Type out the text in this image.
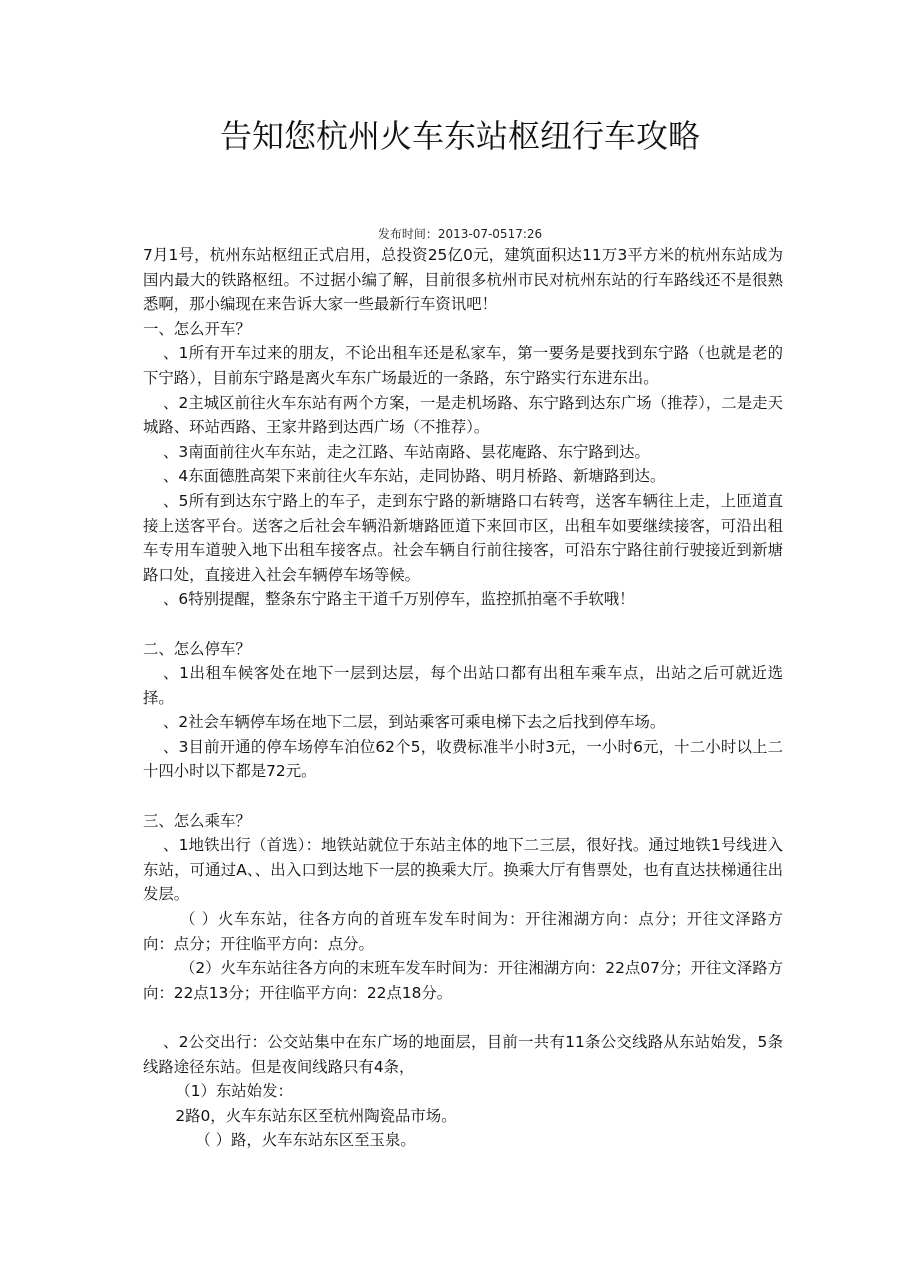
告知您杭州火车东站枢纽行车攻略
发布时间：2013-07-0517:26

7月1号，杭州东站枢纽正式启用，总投资25亿0元，建筑面积达11万3平方米的杭州东站成为国内最大的铁路枢纽。不过据小编了解，目前很多杭州市民对杭州东站的行车路线还不是很熟悉啊，那小编现在来告诉大家一些最新行车资讯吧！

一、怎么开车？

、1所有开车过来的朋友，不论出租车还是私家车，第一要务是要找到东宁路（也就是老的下宁路），目前东宁路是离火车东广场最近的一条路，东宁路实行东进东出。

、2主城区前往火车东站有两个方案，一是走机场路、东宁路到达东广场（推荐），二是走天城路、环站西路、王家井路到达西广场（不推荐）。

、3南面前往火车东站，走之江路、车站南路、昙花庵路、东宁路到达。

、4东面德胜高架下来前往火车东站，走同协路、明月桥路、新塘路到达。

、5所有到达东宁路上的车子，走到东宁路的新塘路口右转弯，送客车辆往上走，上匝道直接上送客平台。送客之后社会车辆沿新塘路匝道下来回市区，出租车如要继续接客，可沿出租车专用车道驶入地下出租车接客点。社会车辆自行前往接客，可沿东宁路往前行驶接近到新塘路口处，直接进入社会车辆停车场等候。

、6特别提醒，整条东宁路主干道千万别停车，监控抓拍毫不手软哦！

二、怎么停车？

、1出租车候客处在地下一层到达层，每个出站口都有出租车乘车点，出站之后可就近选择。

、2社会车辆停车场在地下二层，到站乘客可乘电梯下去之后找到停车场。

、3目前开通的停车场停车泊位62个5，收费标准半小时3元，一小时6元，十二小时以上二十四小时以下都是72元。

三、怎么乘车？

、1地铁出行（首选）：地铁站就位于东站主体的地下二三层，很好找。通过地铁1号线进入东站，可通过A、、出入口到达地下一层的换乘大厅。换乘大厅有售票处，也有直达扶梯通往出发层。

（ ）火车东站，往各方向的首班车发车时间为：开往湘湖方向：点分；开往文泽路方向：点分；开往临平方向：点分。

（2）火车东站往各方向的末班车发车时间为：开往湘湖方向：22点07分；开往文泽路方向：22点13分；开往临平方向：22点18分。

、2公交出行：公交站集中在东广场的地面层，目前一共有11条公交线路从东站始发，5条线路途径东站。但是夜间线路只有4条，

（1）东站始发：

2路0，火车东站东区至杭州陶瓷品市场。

（ ）路，火车东站东区至玉泉。
